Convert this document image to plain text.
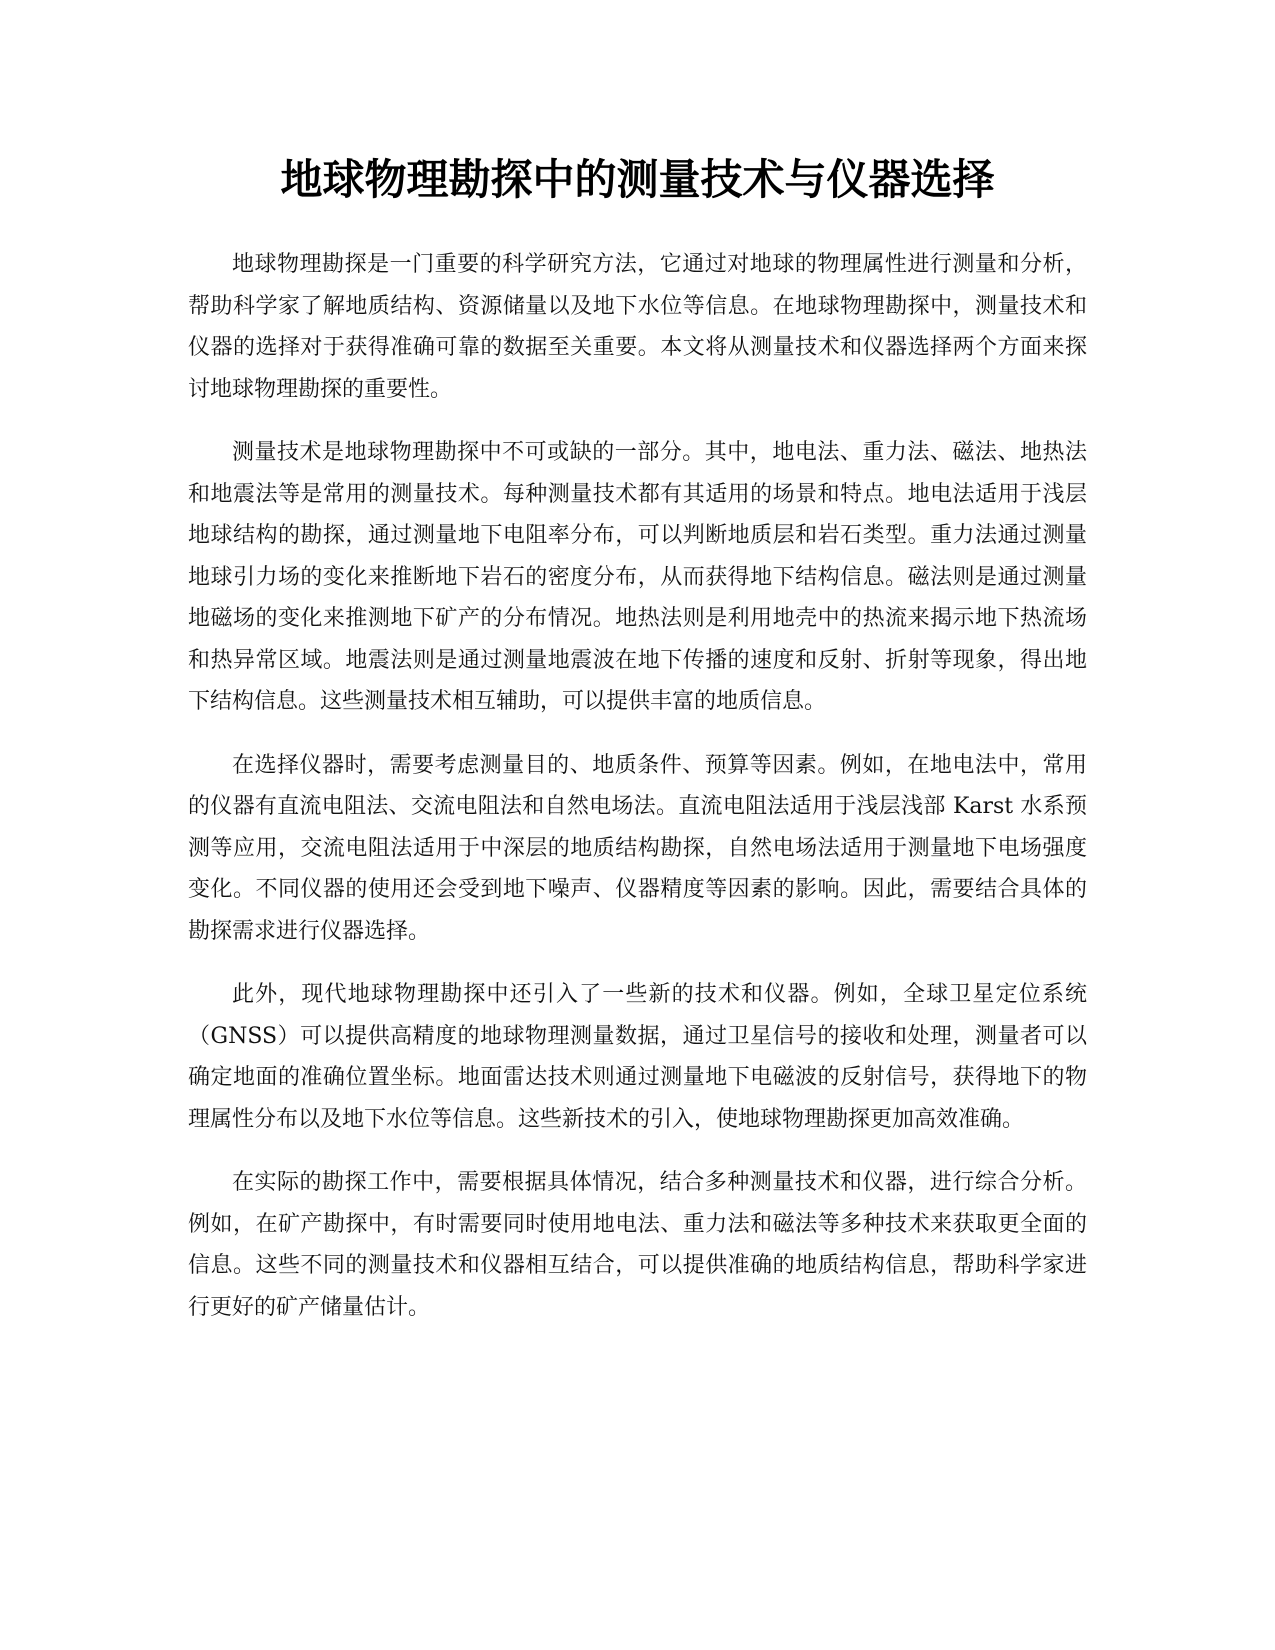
地球物理勘探中的测量技术与仪器选择

地球物理勘探是一门重要的科学研究方法，它通过对地球的物理属性进行测量和分析，帮助科学家了解地质结构、资源储量以及地下水位等信息。在地球物理勘探中，测量技术和仪器的选择对于获得准确可靠的数据至关重要。本文将从测量技术和仪器选择两个方面来探讨地球物理勘探的重要性。

测量技术是地球物理勘探中不可或缺的一部分。其中，地电法、重力法、磁法、地热法和地震法等是常用的测量技术。每种测量技术都有其适用的场景和特点。地电法适用于浅层地球结构的勘探，通过测量地下电阻率分布，可以判断地质层和岩石类型。重力法通过测量地球引力场的变化来推断地下岩石的密度分布，从而获得地下结构信息。磁法则是通过测量地磁场的变化来推测地下矿产的分布情况。地热法则是利用地壳中的热流来揭示地下热流场和热异常区域。地震法则是通过测量地震波在地下传播的速度和反射、折射等现象，得出地下结构信息。这些测量技术相互辅助，可以提供丰富的地质信息。

在选择仪器时，需要考虑测量目的、地质条件、预算等因素。例如，在地电法中，常用的仪器有直流电阻法、交流电阻法和自然电场法。直流电阻法适用于浅层浅部 Karst 水系预测等应用，交流电阻法适用于中深层的地质结构勘探，自然电场法适用于测量地下电场强度变化。不同仪器的使用还会受到地下噪声、仪器精度等因素的影响。因此，需要结合具体的勘探需求进行仪器选择。

此外，现代地球物理勘探中还引入了一些新的技术和仪器。例如，全球卫星定位系统（GNSS）可以提供高精度的地球物理测量数据，通过卫星信号的接收和处理，测量者可以确定地面的准确位置坐标。地面雷达技术则通过测量地下电磁波的反射信号，获得地下的物理属性分布以及地下水位等信息。这些新技术的引入，使地球物理勘探更加高效准确。

在实际的勘探工作中，需要根据具体情况，结合多种测量技术和仪器，进行综合分析。例如，在矿产勘探中，有时需要同时使用地电法、重力法和磁法等多种技术来获取更全面的信息。这些不同的测量技术和仪器相互结合，可以提供准确的地质结构信息，帮助科学家进行更好的矿产储量估计。
